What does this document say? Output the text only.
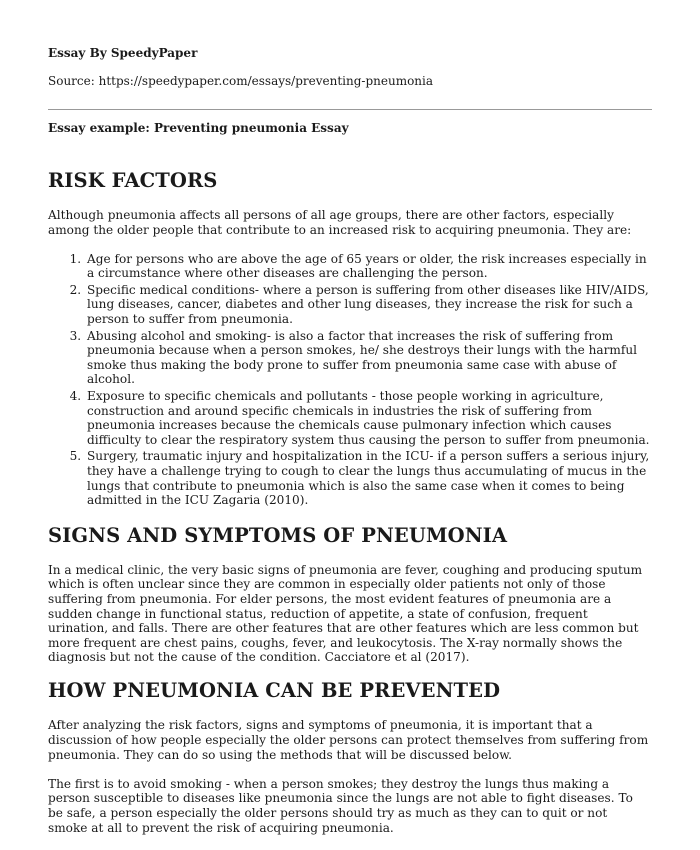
Essay By SpeedyPaper
Source: https://speedypaper.com/essays/preventing-pneumonia
Essay example: Preventing pneumonia Essay
RISK FACTORS

Although pneumonia affects all persons of all age groups, there are other factors, especially among the older people that contribute to an increased risk to acquiring pneumonia. They are:

1. Age for persons who are above the age of 65 years or older, the risk increases especially in a circumstance where other diseases are challenging the person.
2. Specific medical conditions- where a person is suffering from other diseases like HIV/AIDS, lung diseases, cancer, diabetes and other lung diseases, they increase the risk for such a person to suffer from pneumonia.
3. Abusing alcohol and smoking- is also a factor that increases the risk of suffering from pneumonia because when a person smokes, he/ she destroys their lungs with the harmful smoke thus making the body prone to suffer from pneumonia same case with abuse of alcohol.
4. Exposure to specific chemicals and pollutants - those people working in agriculture, construction and around specific chemicals in industries the risk of suffering from pneumonia increases because the chemicals cause pulmonary infection which causes difficulty to clear the respiratory system thus causing the person to suffer from pneumonia.
5. Surgery, traumatic injury and hospitalization in the ICU- if a person suffers a serious injury, they have a challenge trying to cough to clear the lungs thus accumulating of mucus in the lungs that contribute to pneumonia which is also the same case when it comes to being admitted in the ICU Zagaria (2010).
SIGNS AND SYMPTOMS OF PNEUMONIA

In a medical clinic, the very basic signs of pneumonia are fever, coughing and producing sputum which is often unclear since they are common in especially older patients not only of those suffering from pneumonia. For elder persons, the most evident features of pneumonia are a sudden change in functional status, reduction of appetite, a state of confusion, frequent urination, and falls. There are other features that are other features which are less common but more frequent are chest pains, coughs, fever, and leukocytosis. The X-ray normally shows the diagnosis but not the cause of the condition. Cacciatore et al (2017).

HOW PNEUMONIA CAN BE PREVENTED

After analyzing the risk factors, signs and symptoms of pneumonia, it is important that a discussion of how people especially the older persons can protect themselves from suffering from pneumonia. They can do so using the methods that will be discussed below.

The first is to avoid smoking - when a person smokes; they destroy the lungs thus making a person susceptible to diseases like pneumonia since the lungs are not able to fight diseases. To be safe, a person especially the older persons should try as much as they can to quit or not smoke at all to prevent the risk of acquiring pneumonia.
